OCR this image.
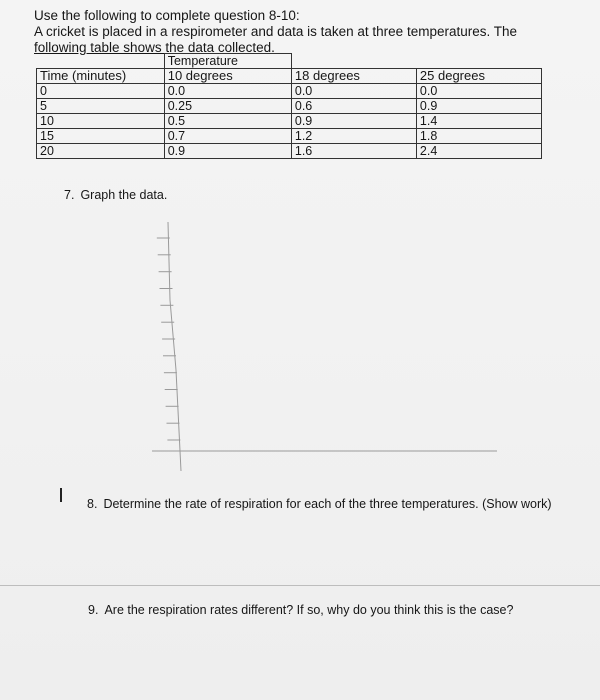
Use the following to complete question 8-10:
A cricket is placed in a respirometer and data is taken at three temperatures. The
following table shows the data collected.
	Temperature		
Time (minutes)	10 degrees	18 degrees	25 degrees
0	0.0	0.0	0.0
5	0.25	0.6	0.9
10	0.5	0.9	1.4
15	0.7	1.2	1.8
20	0.9	1.6	2.4
7. Graph the data.
8. Determine the rate of respiration for each of the three temperatures. (Show work)
9. Are the respiration rates different? If so, why do you think this is the case?
